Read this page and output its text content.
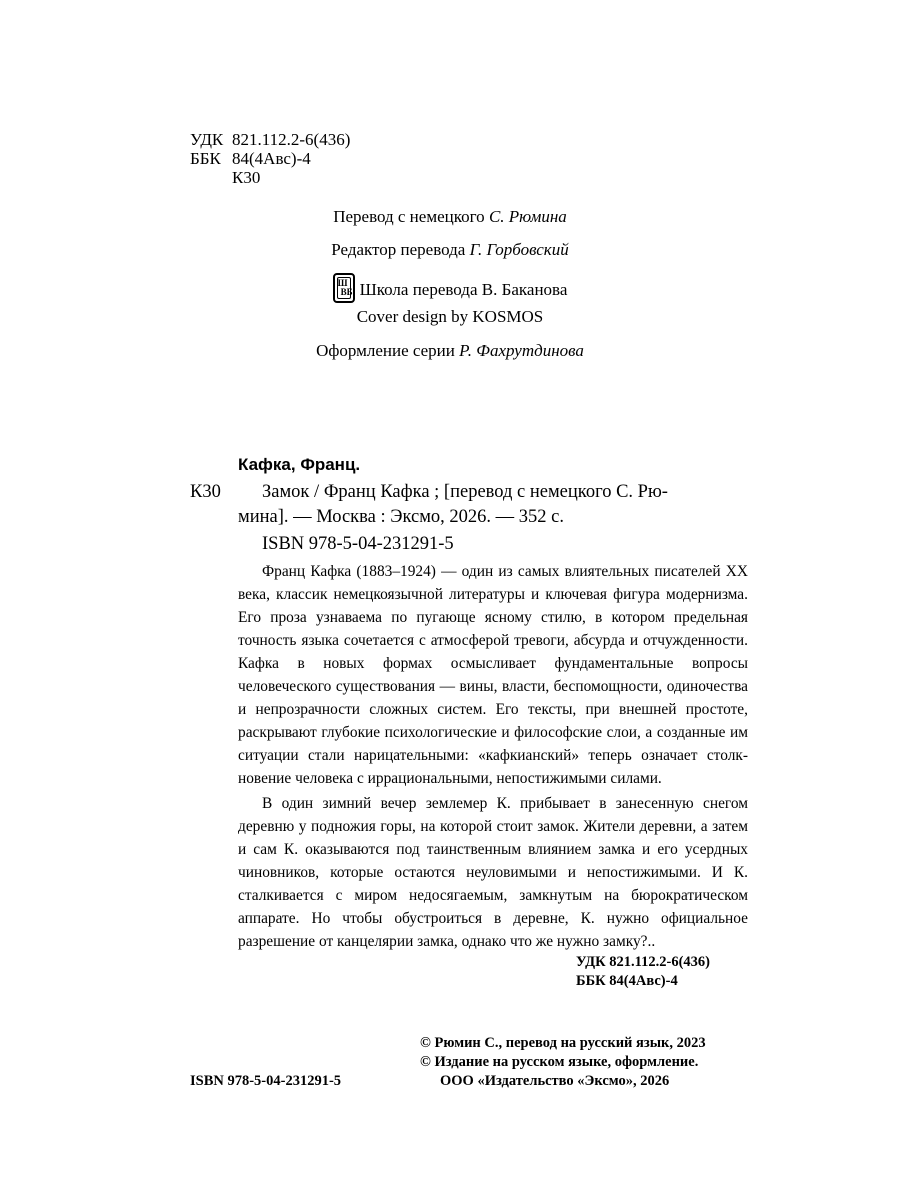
УДК 821.112.2-6(436)
ББК 84(4Авс)-4
К30
Перевод с немецкого С. Рюмина
Редактор перевода Г. Горбовский
Ш
ВБ Школа перевода В. Баканова
Cover design by KOSMOS
Оформление серии Р. Фахрутдинова
Кафка, Франц.
К30 Замок / Франц Кафка ; [перевод с немецкого С. Рю-
мина]. — Москва : Эксмо, 2026. — 352 с.
ISBN 978-5-04-231291-5
Франц Кафка (1883–1924) — один из самых влиятельных писателей XX века, классик немецкоязычной литературы и ключевая фигура модернизма. Его проза узнаваема по пугающе ясному стилю, в котором предельная точность языка сочетается с атмосферой тревоги, абсурда и отчужденности. Кафка в новых формах осмысливает фундаментальные вопросы человеческого существования — вины, власти, беспомощности, одиночества и непрозрачности сложных систем. Его тексты, при внешней простоте, раскрывают глубокие психологические и философские слои, а созданные им ситуации стали нарицательными: «кафкианский» теперь означает столкновение человека с иррациональными, непостижимыми силами.
В один зимний вечер землемер К. прибывает в занесенную снегом деревню у подножия горы, на которой стоит замок. Жители деревни, а затем и сам К. оказываются под таинственным влиянием замка и его усердных чиновников, которые остаются неуловимыми и непостижимыми. И К. сталкивается с миром недосягаемым, замкнутым на бюрократическом аппарате. Но чтобы обустроиться в деревне, К. нужно официальное разрешение от канцелярии замка, однако что же нужно замку?..
УДК 821.112.2-6(436)
ББК 84(4Авс)-4
ISBN 978-5-04-231291-5
© Рюмин С., перевод на русский язык, 2023
© Издание на русском языке, оформление.
ООО «Издательство «Эксмо», 2026
